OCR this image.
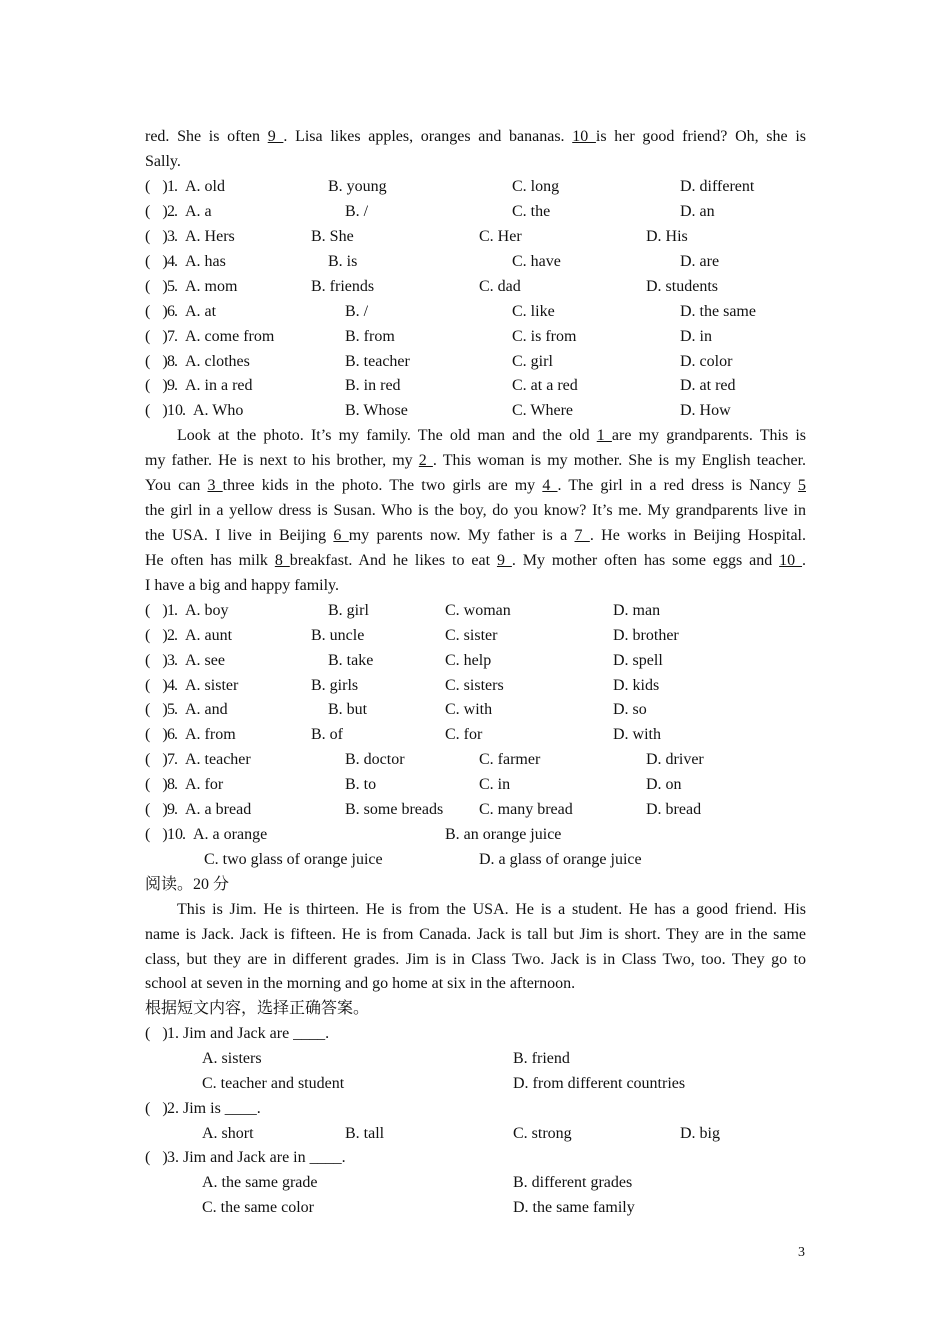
red. She is often 9 . Lisa likes apples, oranges and bananas. 10 is her good friend? Oh, she is
Sally.
(   ) 1 . A. old	B. young	C. long	D. different
(   ) 2 . A. a	B. /	C. the	D. an
(   ) 3 . A. Hers	B. She	C. Her	D. His
(   ) 4 . A. has	B. is	C. have	D. are
(   ) 5 . A. mom	B. friends	C. dad	D. students
(   ) 6 . A. at	B. /	C. like	D. the same
(   ) 7 . A. come from	B. from	C. is from	D. in
(   ) 8 . A. clothes	B. teacher	C. girl	D. color
(   ) 9 . A. in a red	B. in red	C. at a red	D. at red
(   ) 10 . A. Who	B. Whose	C. Where	D. How
Look at the photo. It’s my family. The old man and the old 1 are my grandparents. This is
my father. He is next to his brother, my 2 . This woman is my mother. She is my English teacher.
You can 3 three kids in the photo. The two girls are my 4 . The girl in a red dress is Nancy 5
the girl in a yellow dress is Susan. Who is the boy, do you know? It’s me. My grandparents live in
the USA. I live in Beijing 6 my parents now. My father is a 7 . He works in Beijing Hospital.
He often has milk 8 breakfast. And he likes to eat 9 . My mother often has some eggs and 10 .
I have a big and happy family.
(   ) 1 . A. boy	B. girl	C. woman	D. man
(   ) 2 . A. aunt	B. uncle	C. sister	D. brother
(   ) 3 . A. see	B. take	C. help	D. spell
(   ) 4 . A. sister	B. girls	C. sisters	D. kids
(   ) 5 . A. and	B. but	C. with	D. so
(   ) 6 . A. from	B. of	C. for	D. with
(   ) 7 . A. teacher	B. doctor	C. farmer	D. driver
(   ) 8 . A. for	B. to	C. in	D. on
(   ) 9 . A. a bread	B. some breads C. many bread	D. bread
(   ) 10 . A. a orange	B. an orange juice
C. two glass of orange juice	D. a glass of orange juice
阅读。20 分
This is Jim. He is thirteen. He is from the USA. He is a student. He has a good friend. His
name is Jack. Jack is fifteen. He is from Canada. Jack is tall but Jim is short. They are in the same
class, but they are in different grades. Jim is in Class Two. Jack is in Class Two, too. They go to
school at seven in the morning and go home at six in the afternoon.
根据短文内容，选择正确答案。
(   ) 1. Jim and Jack are ____.
A. sisters	B. friend
C. teacher and student	D. from different countries
(   ) 2. Jim is ____.
A. short	B. tall	C. strong	D. big
(   ) 3. Jim and Jack are in ____.
A. the same grade	B. different grades
C. the same color	D. the same family
3
